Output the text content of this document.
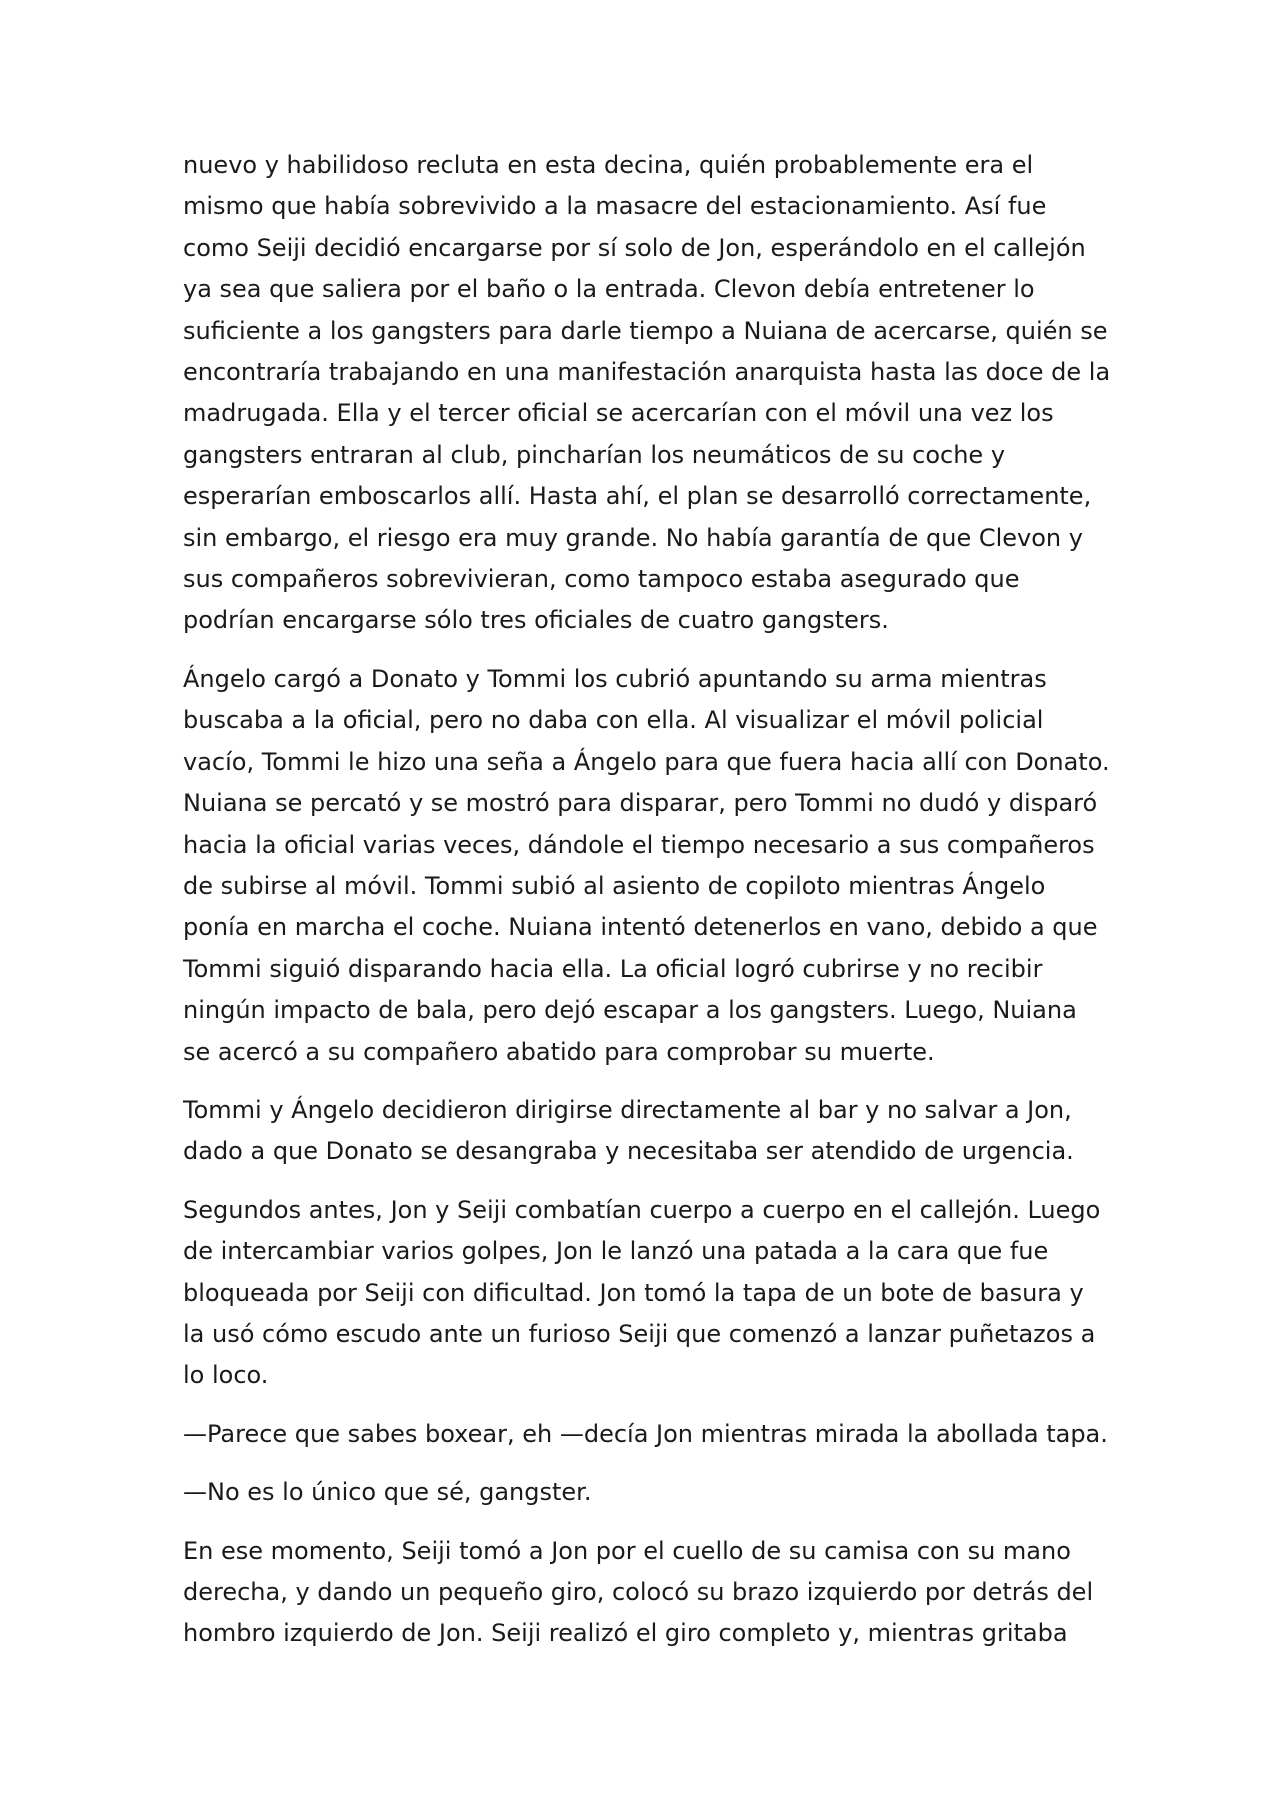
nuevo y habilidoso recluta en esta decina, quién probablemente era el
mismo que había sobrevivido a la masacre del estacionamiento. Así fue
como Seiji decidió encargarse por sí solo de Jon, esperándolo en el callejón
ya sea que saliera por el baño o la entrada. Clevon debía entretener lo
suficiente a los gangsters para darle tiempo a Nuiana de acercarse, quién se
encontraría trabajando en una manifestación anarquista hasta las doce de la
madrugada. Ella y el tercer oficial se acercarían con el móvil una vez los
gangsters entraran al club, pincharían los neumáticos de su coche y
esperarían emboscarlos allí. Hasta ahí, el plan se desarrolló correctamente,
sin embargo, el riesgo era muy grande. No había garantía de que Clevon y
sus compañeros sobrevivieran, como tampoco estaba asegurado que
podrían encargarse sólo tres oficiales de cuatro gangsters.

Ángelo cargó a Donato y Tommi los cubrió apuntando su arma mientras
buscaba a la oficial, pero no daba con ella. Al visualizar el móvil policial
vacío, Tommi le hizo una seña a Ángelo para que fuera hacia allí con Donato.
Nuiana se percató y se mostró para disparar, pero Tommi no dudó y disparó
hacia la oficial varias veces, dándole el tiempo necesario a sus compañeros
de subirse al móvil. Tommi subió al asiento de copiloto mientras Ángelo
ponía en marcha el coche. Nuiana intentó detenerlos en vano, debido a que
Tommi siguió disparando hacia ella. La oficial logró cubrirse y no recibir
ningún impacto de bala, pero dejó escapar a los gangsters. Luego, Nuiana
se acercó a su compañero abatido para comprobar su muerte.

Tommi y Ángelo decidieron dirigirse directamente al bar y no salvar a Jon,
dado a que Donato se desangraba y necesitaba ser atendido de urgencia.

Segundos antes, Jon y Seiji combatían cuerpo a cuerpo en el callejón. Luego
de intercambiar varios golpes, Jon le lanzó una patada a la cara que fue
bloqueada por Seiji con dificultad. Jon tomó la tapa de un bote de basura y
la usó cómo escudo ante un furioso Seiji que comenzó a lanzar puñetazos a
lo loco.

—Parece que sabes boxear, eh —decía Jon mientras mirada la abollada tapa.

—No es lo único que sé, gangster.

En ese momento, Seiji tomó a Jon por el cuello de su camisa con su mano
derecha, y dando un pequeño giro, colocó su brazo izquierdo por detrás del
hombro izquierdo de Jon. Seiji realizó el giro completo y, mientras gritaba
